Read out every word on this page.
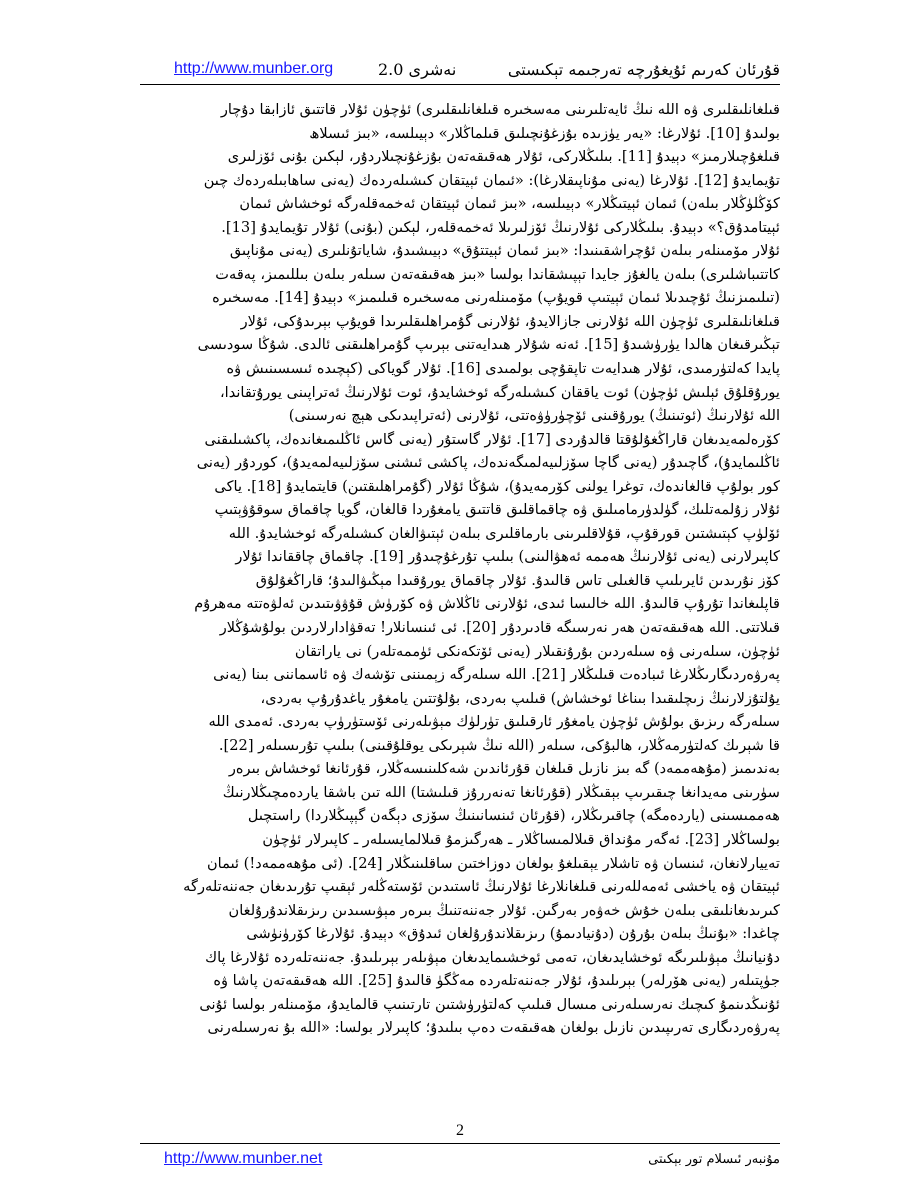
قۇرئان كەرىم ئۇيغۇرچە تەرجىمە تېكىستى
نەشرى 2.0
http://www.munber.org

قىلغانلىقلىرى ۋە الله نىڭ ئايەتلىرىنى مەسخىرە قىلغانلىقلىرى) ئۈچۈن ئۇلار قاتتىق ئازابقا دۇچار

بولىدۇ [10]. ئۇلارغا: «يەر يۈزىدە بۇزغۇنچىلىق قىلماڭلار» دېيىلسە، «بىز ئىسلاھ

قىلغۇچىلارمىز» دېيدۇ [11]. بىلىڭلاركى، ئۇلار ھەقىقەتەن بۇزغۇنچىلاردۇر، لېكىن بۇنى ئۆزلىرى

تۇيمايدۇ [12]. ئۇلارغا (يەنى مۇناپىقلارغا): «ئىمان ئېيتقان كىشىلەردەك (يەنى ساھابىلەردەك چىن

كۆڭلۈڭلار بىلەن) ئىمان ئېيتىڭلار» دېيىلسە، «بىز ئىمان ئېيتقان ئەخمەقلەرگە ئوخشاش ئىمان

ئېيتامدۇق؟» دېيدۇ. بىلىڭلاركى ئۇلارنىڭ ئۆزلىرىلا ئەخمەقلەر، لېكىن (بۇنى) ئۇلار تۇيمايدۇ [13].

ئۇلار مۆمىنلەر بىلەن ئۇچراشقىنىدا: «بىز ئىمان ئېيتتۇق» دېيىشىدۇ، شاياتۇنلىرى (يەنى مۇناپىق

كاتتىباشلىرى) بىلەن يالغۇز جايدا تېپىشقاندا بولسا «بىز ھەقىقەتەن سىلەر بىلەن بىللىمىز، پەقەت

(تىلىمىزنىڭ ئۇچىدىلا ئىمان ئېيتىپ قويۇپ) مۆمىنلەرنى مەسخىرە قىلىمىز» دېيدۇ [14]. مەسخىرە

قىلغانلىقلىرى ئۈچۈن الله ئۇلارنى جازالايدۇ، ئۇلارنى گۇمراھلىقلىرىدا قويۇپ بېرىدۇكى، ئۇلار

تېڭىرقىغان ھالدا يۈرۈشىدۇ [15]. ئەنە شۇلار ھىدايەتنى بېرىپ گۇمراھلىقنى ئالدى. شۇڭا سودىسى

پايدا كەلتۈرمىدى، ئۇلار ھىدايەت تاپقۇچى بولمىدى [16]. ئۇلار گوياكى (كېچىدە ئىسسىنىش ۋە

يورۇقلۇق ئېلىش ئۈچۈن) ئوت ياققان كىشىلەرگە ئوخشايدۇ، ئوت ئۇلارنىڭ ئەتراپىنى يورۇتقاندا،

الله ئۇلارنىڭ (ئوتىنىڭ) يورۇقىنى ئۆچۈرۈۋەتتى، ئۇلارنى (ئەتراپىدىكى ھېچ نەرسىنى)

كۆرەلمەيدىغان قاراڭغۇلۇقتا قالدۇردى [17]. ئۇلار گاستۇر (يەنى گاس ئاڭلىمىغاندەك، پاكشىلىقنى

ئاڭلىمايدۇ)، گاچىدۇر (يەنى گاچا سۆزلىيەلمىگەندەك، پاكشى ئىشنى سۆزلىيەلمەيدۇ)، كوردۇر (يەنى

كور بولۇپ قالغاندەك، توغرا يولنى كۆرمەيدۇ)، شۇڭا ئۇلار (گۇمراھلىقتىن) قايتمايدۇ [18]. ياكى

ئۇلار زۇلمەتلىك، گۈلدۈرمامىلىق ۋە چاقماقلىق قاتتىق يامغۇردا قالغان، گويا چاقماق سوقۇۋېتىپ

ئۆلۈپ كېتىشتىن قورقۇپ، قۇلاقلىرىنى بارماقلىرى بىلەن ئېتىۋالغان كىشىلەرگە ئوخشايدۇ. الله

كاپىرلارنى (يەنى ئۇلارنىڭ ھەممە ئەھۋالىنى) بىلىپ تۇرغۇچىدۇر [19]. چاقماق چاققاندا ئۇلار

كۆز نۇرىدىن ئايرىلىپ قالغىلى تاس قالىدۇ. ئۇلار چاقماق يورۇقىدا مېڭىۋالىدۇ؛ قاراڭغۇلۇق

قاپلىغاندا تۇرۇپ قالىدۇ. الله خالىسا ئىدى، ئۇلارنى ئاڭلاش ۋە كۆرۈش قۇۋۋىتىدىن ئەلۋەتتە مەھرۇم

قىلاتتى. الله ھەقىقەتەن ھەر نەرسىگە قادىردۇر [20]. ئى ئىنسانلار! تەقۋادارلاردىن بولۇشۇڭلار

ئۈچۈن، سىلەرنى ۋە سىلەردىن بۇرۇنقىلار (يەنى ئۆتكەنكى ئۈممەتلەر) نى ياراتقان

پەرۋەردىگارىڭلارغا ئىبادەت قىلىڭلار [21]. الله سىلەرگە زېمىننى تۆشەك ۋە ئاسماننى بىنا (يەنى

يۇلتۇزلارنىڭ زىچلىقىدا بىناغا ئوخشاش) قىلىپ بەردى، بۇلۇتتىن يامغۇر ياغدۇرۇپ بەردى،

سىلەرگە رىزىق بولۇش ئۈچۈن يامغۇر ئارقىلىق تۈرلۈك مېۋىلەرنى ئۆستۈرۈپ بەردى. ئەمدى الله

قا شېرىك كەلتۈرمەڭلار، ھالبۇكى، سىلەر (الله نىڭ شېرىكى يوقلۇقىنى) بىلىپ تۇرىسىلەر [22].

بەندىمىز (مۇھەممەد) گە بىز نازىل قىلغان قۇرئاندىن شەكلىنىسەڭلار، قۇرئانغا ئوخشاش بىرەر

سۈرىنى مەيدانغا چىقىرىپ بېقىڭلار (قۇرئانغا تەنەررۇز قىلىشتا) الله تىن باشقا ياردەمچىڭلارنىڭ

ھەممىسىنى (ياردەمگە) چاقىرىڭلار، (قۇرئان ئىنسانىنىڭ سۆزى دېگەن گېپىڭلاردا) راستچىل

بولساڭلار [23]. ئەگەر مۇنداق قىلالمىساڭلار ـ ھەرگىزمۇ قىلالمايسىلەر ـ كاپىرلار ئۈچۈن

تەييارلانغان، ئىنسان ۋە تاشلار يېقىلغۇ بولغان دوزاختىن ساقلىنىڭلار [24]. (ئى مۇھەممەد!) ئىمان

ئېيتقان ۋە ياخشى ئەمەللەرنى قىلغانلارغا ئۇلارنىڭ ئاستىدىن ئۆستەڭلەر ئېقىپ تۇرىدىغان جەننەتلەرگە

كىرىدىغانلىقى بىلەن خۇش خەۋەر بەرگىن. ئۇلار جەننەتنىڭ بىرەر مېۋىسىدىن رىزىقلاندۇرۇلغان

چاغدا: «بۇنىڭ بىلەن بۇرۇن (دۇنيادىمۇ) رىزىقلاندۇرۇلغان ئىدۇق» دېيدۇ. ئۇلارغا كۆرۈنۈشى

دۇنيانىڭ مېۋىلىرىگە ئوخشايدىغان، تەمى ئوخشىمايدىغان مېۋىلەر بېرىلىدۇ. جەننەتلەردە ئۇلارغا پاك

جۈپتىلەر (يەنى ھۆرلەر) بېرىلىدۇ، ئۇلار جەننەتلەردە مەڭگۈ قالىدۇ [25]. الله ھەقىقەتەن پاشا ۋە

ئۇنىڭدىنمۇ كىچىك نەرسىلەرنى مىسال قىلىپ كەلتۈرۈشتىن تارتىنىپ قالمايدۇ، مۆمىنلەر بولسا ئۇنى

پەرۋەردىگارى تەرىپىدىن نازىل بولغان ھەقىقەت دەپ بىلىدۇ؛ كاپىرلار بولسا: «الله بۇ نەرسىلەرنى

2
http://www.munber.net	مۇنبەر ئىسلام تور بېكىتى
